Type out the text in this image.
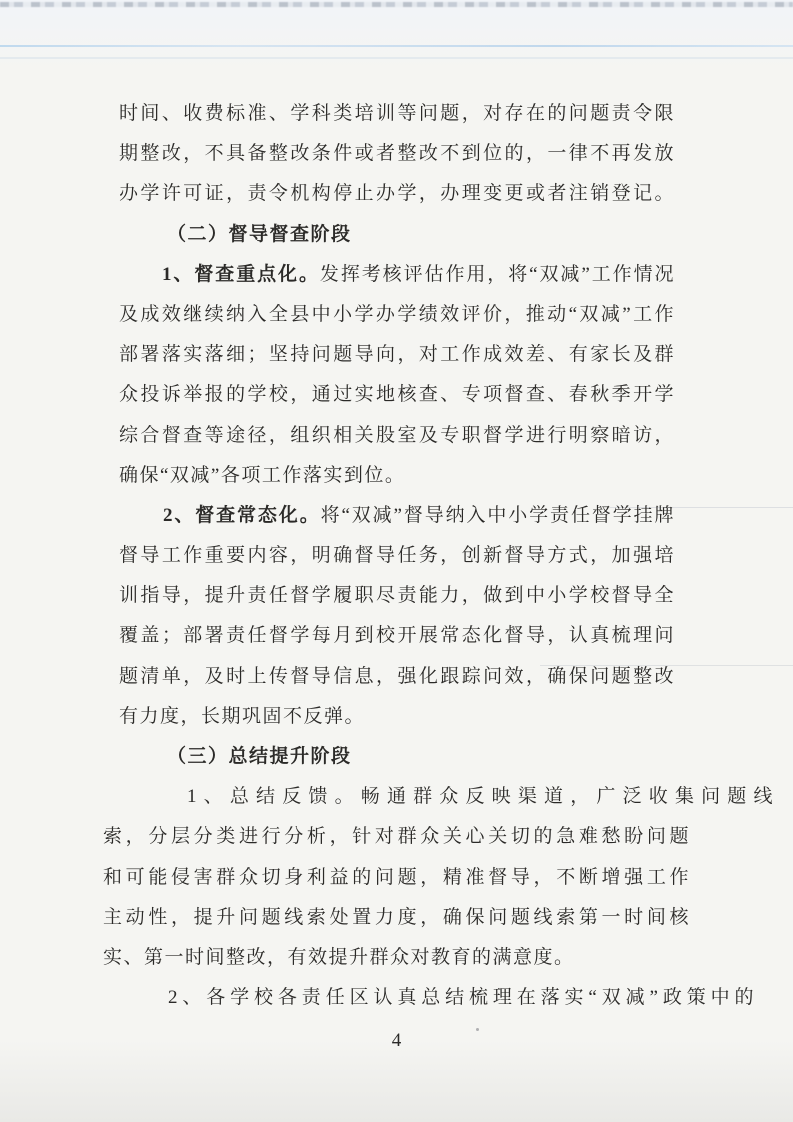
时间、收费标准、学科类培训等问题，对存在的问题责令限
期整改，不具备整改条件或者整改不到位的，一律不再发放
办学许可证，责令机构停止办学，办理变更或者注销登记。
（二）督导督查阶段
1、督查重点化。发挥考核评估作用，将“双减”工作情况
及成效继续纳入全县中小学办学绩效评价，推动“双减”工作
部署落实落细；坚持问题导向，对工作成效差、有家长及群
众投诉举报的学校，通过实地核查、专项督查、春秋季开学
综合督查等途径，组织相关股室及专职督学进行明察暗访，
确保“双减”各项工作落实到位。
2、督查常态化。将“双减”督导纳入中小学责任督学挂牌
督导工作重要内容，明确督导任务，创新督导方式，加强培
训指导，提升责任督学履职尽责能力，做到中小学校督导全
覆盖；部署责任督学每月到校开展常态化督导，认真梳理问
题清单，及时上传督导信息，强化跟踪问效，确保问题整改
有力度，长期巩固不反弹。
（三）总结提升阶段
1、总结反馈。畅通群众反映渠道，广泛收集问题线
索，分层分类进行分析，针对群众关心关切的急难愁盼问题
和可能侵害群众切身利益的问题，精准督导，不断增强工作
主动性，提升问题线索处置力度，确保问题线索第一时间核
实、第一时间整改，有效提升群众对教育的满意度。
2、各学校各责任区认真总结梳理在落实“双减”政策中的
4
